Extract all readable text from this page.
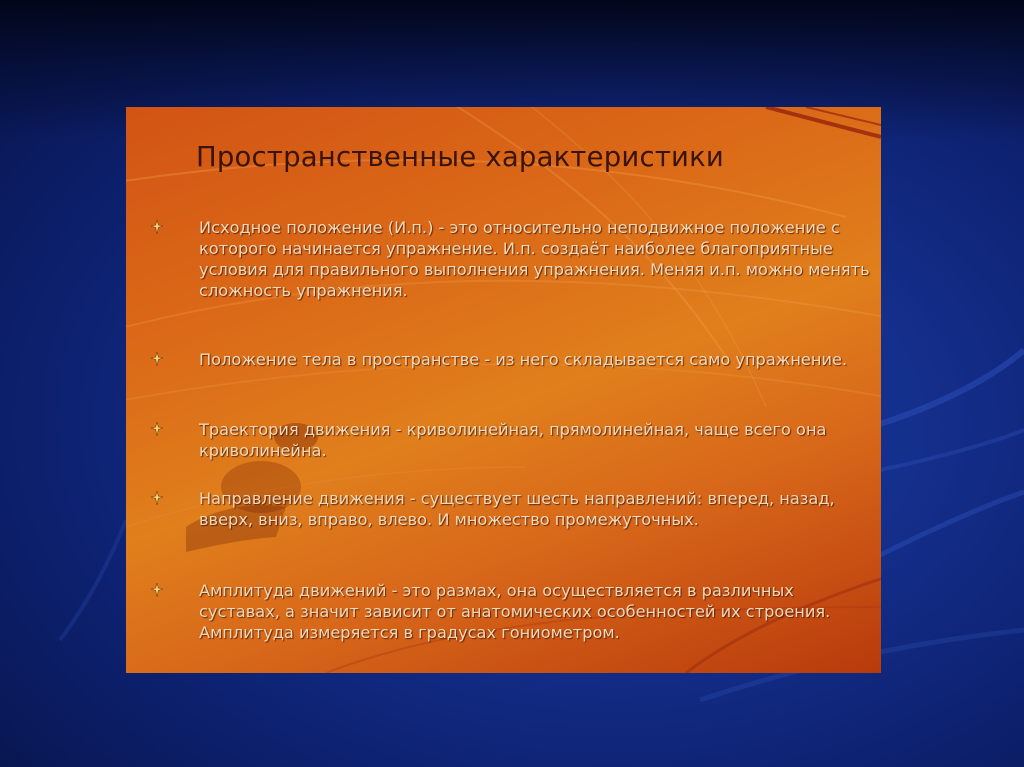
Пространственные характеристики

Исходное положение (И.п.) - это относительно неподвижное положение с которого начинается упражнение. И.п. создаёт наиболее благоприятные условия для правильного выполнения упражнения. Меняя и.п. можно менять сложность упражнения.

Положение тела в пространстве - из него складывается само упражнение.

Траектория движения - криволинейная, прямолинейная, чаще всего она криволинейна.

Направление движения - существует шесть направлений: вперед, назад, вверх, вниз, вправо, влево. И множество промежуточных.

Амплитуда движений - это размах, она осуществляется в различных суставах, а значит зависит от анатомических особенностей их строения. Амплитуда измеряется в градусах гониометром.
